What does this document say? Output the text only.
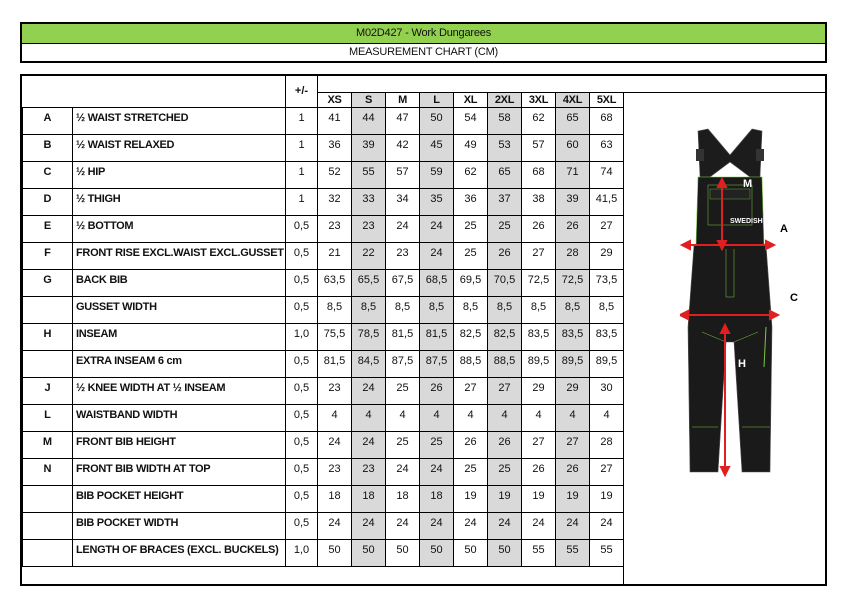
M02D427 - Work Dungarees
MEASUREMENT CHART (CM)
		+/-									
			XS	S	M	L	XL	2XL	3XL	4XL	5XL
A	½ WAIST STRETCHED	1	41	44	47	50	54	58	62	65	68
B	½ WAIST RELAXED	1	36	39	42	45	49	53	57	60	63
C	½ HIP	1	52	55	57	59	62	65	68	71	74
D	½ THIGH	1	32	33	34	35	36	37	38	39	41,5
E	½ BOTTOM	0,5	23	23	24	24	25	25	26	26	27
F	FRONT RISE EXCL.WAIST EXCL.GUSSET	0,5	21	22	23	24	25	26	27	28	29
G	BACK BIB	0,5	63,5	65,5	67,5	68,5	69,5	70,5	72,5	72,5	73,5
	GUSSET WIDTH	0,5	8,5	8,5	8,5	8,5	8,5	8,5	8,5	8,5	8,5
H	INSEAM	1,0	75,5	78,5	81,5	81,5	82,5	82,5	83,5	83,5	83,5
	EXTRA INSEAM 6 cm	0,5	81,5	84,5	87,5	87,5	88,5	88,5	89,5	89,5	89,5
J	½ KNEE WIDTH AT ½ INSEAM	0,5	23	24	25	26	27	27	29	29	30
L	WAISTBAND WIDTH	0,5	4	4	4	4	4	4	4	4	4
M	FRONT BIB HEIGHT	0,5	24	24	25	25	26	26	27	27	28
N	FRONT BIB WIDTH AT TOP	0,5	23	23	24	24	25	25	26	26	27
	BIB POCKET HEIGHT	0,5	18	18	18	18	19	19	19	19	19
	BIB POCKET WIDTH	0,5	24	24	24	24	24	24	24	24	24
	LENGTH OF BRACES (EXCL. BUCKELS)	1,0	50	50	50	50	50	50	55	55	55
SWEDISH
M
A
C
H
